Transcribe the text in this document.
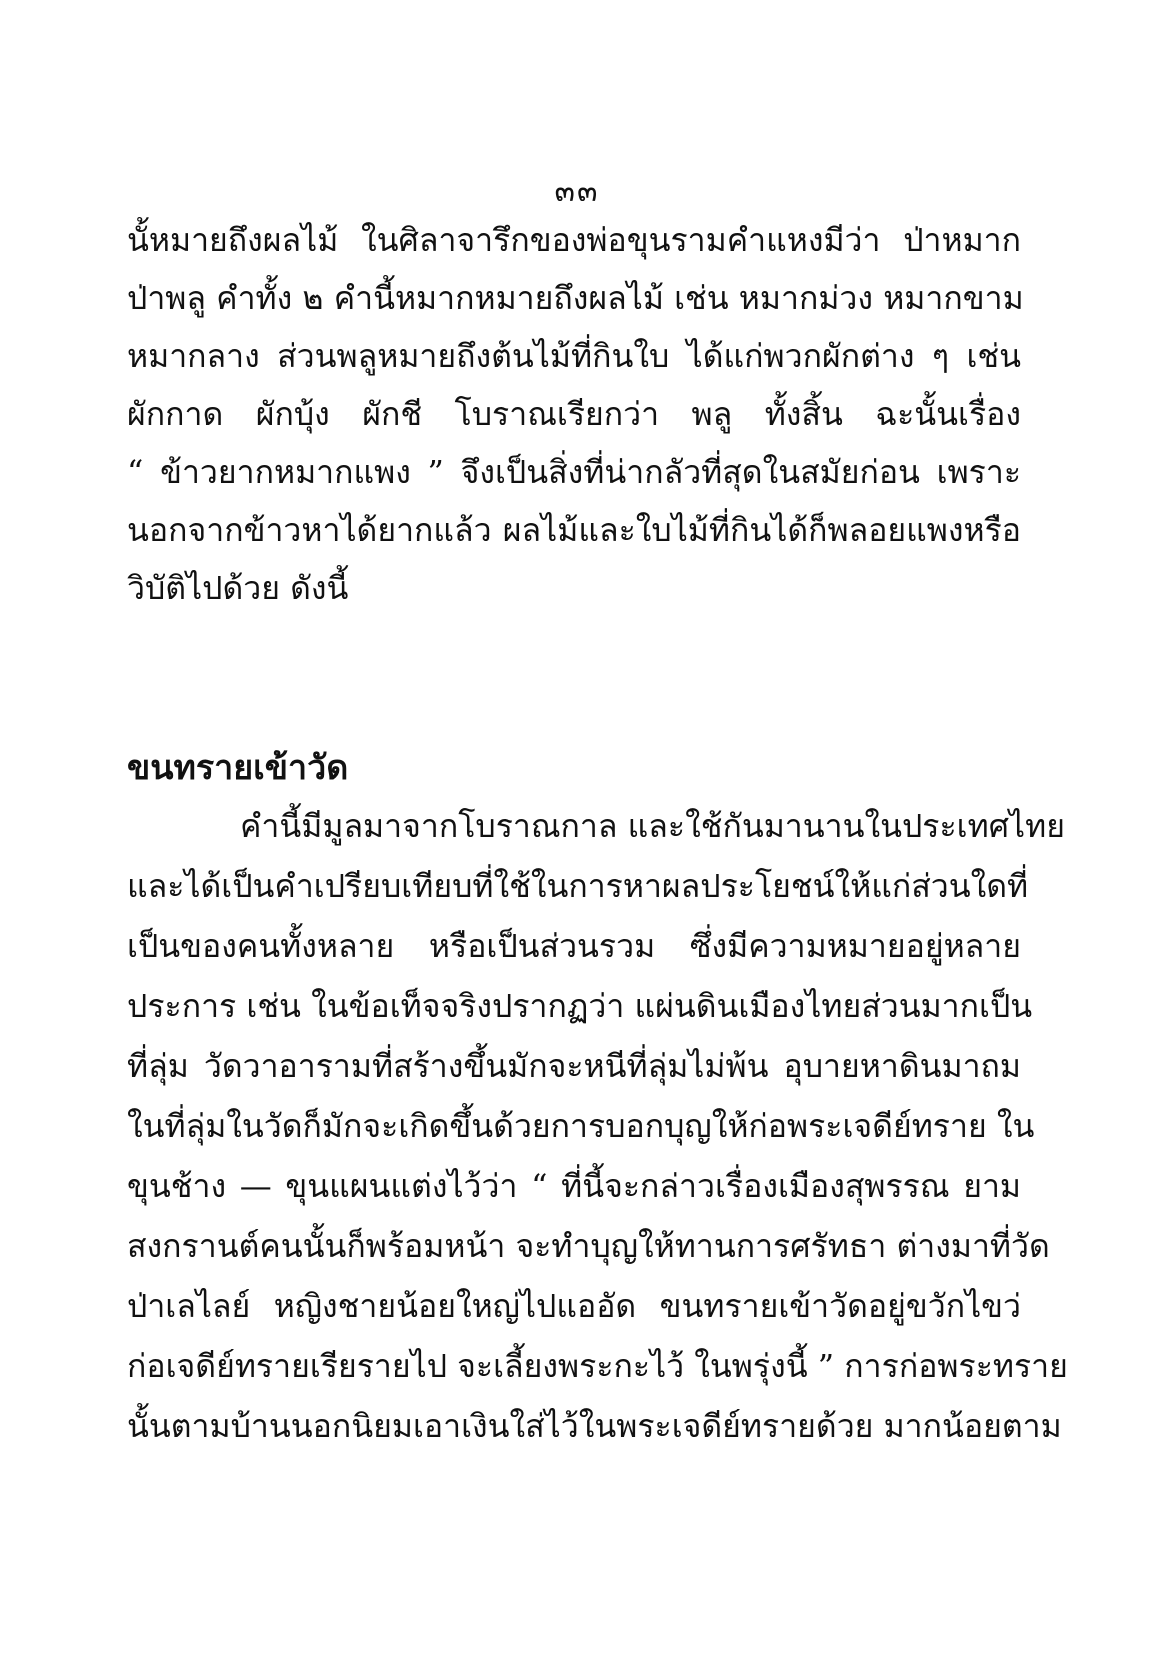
๓๓
นั้หมายถึงผลไม้ ในศิลาจารึกของพ่อขุนรามคำแหงมีว่า ป่าหมาก
ป่าพลู คำทั้ง ๒ คำนี้หมากหมายถึงผลไม้ เช่น หมากม่วง หมากขาม
หมากลาง ส่วนพลูหมายถึงต้นไม้ที่กินใบ ได้แก่พวกผักต่าง ๆ เช่น
ผักกาด ผักบุ้ง ผักชี โบราณเรียกว่า พลู ทั้งสิ้น ฉะนั้นเรื่อง
“ ข้าวยากหมากแพง ” จึงเป็นสิ่งที่น่ากลัวที่สุดในสมัยก่อน เพราะ
นอกจากข้าวหาได้ยากแล้ว ผลไม้และใบไม้ที่กินได้ก็พลอยแพงหรือ
วิบัติไปด้วย ดังนี้
ขนทรายเข้าวัด
คำนี้มีมูลมาจากโบราณกาล และใช้กันมานานในประเทศไทย
และได้เป็นคำเปรียบเทียบที่ใช้ในการหาผลประโยชน์ให้แก่ส่วนใดที่
เป็นของคนทั้งหลาย หรือเป็นส่วนรวม ซึ่งมีความหมายอยู่หลาย
ประการ เช่น ในข้อเท็จจริงปรากฏว่า แผ่นดินเมืองไทยส่วนมากเป็น
ที่ลุ่ม วัดวาอารามที่สร้างขึ้นมักจะหนีที่ลุ่มไม่พ้น อุบายหาดินมาถม
ในที่ลุ่มในวัดก็มักจะเกิดขึ้นด้วยการบอกบุญให้ก่อพระเจดีย์ทราย ใน
ขุนช้าง — ขุนแผนแต่งไว้ว่า “ ที่นี้จะกล่าวเรื่องเมืองสุพรรณ ยาม
สงกรานต์คนนั้นก็พร้อมหน้า จะทำบุญให้ทานการศรัทธา ต่างมาที่วัด
ป่าเลไลย์ หญิงชายน้อยใหญ่ไปแออัด ขนทรายเข้าวัดอยู่ขวักไขว่
ก่อเจดีย์ทรายเรียรายไป จะเลี้ยงพระกะไว้ ในพรุ่งนี้ ” การก่อพระทราย
นั้นตามบ้านนอกนิยมเอาเงินใส่ไว้ในพระเจดีย์ทรายด้วย มากน้อยตาม
